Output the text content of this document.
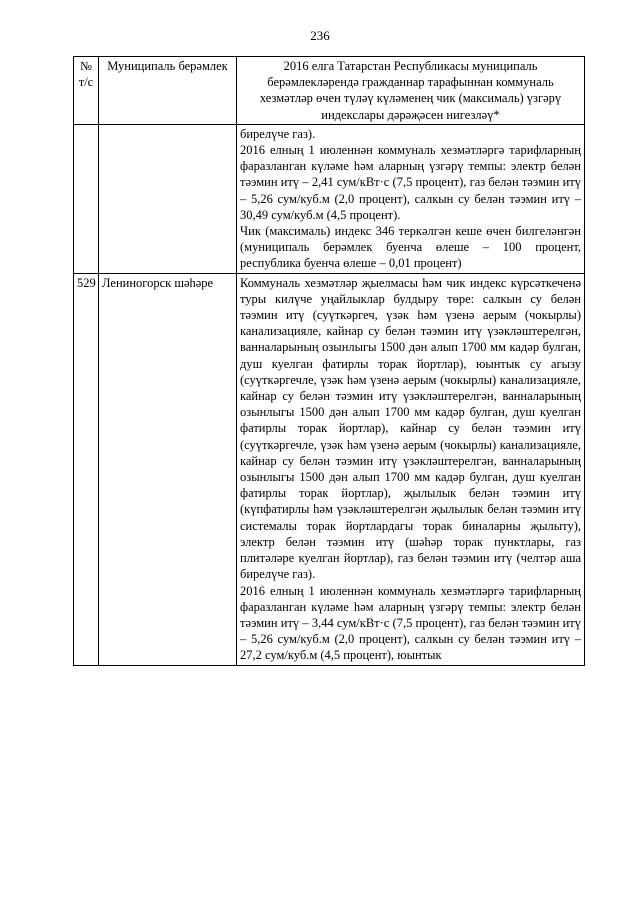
236
№ т/с	Муниципаль берәмлек	2016 елга Татарстан Республикасы муниципаль берәмлекләрендә гражданнар тарафыннан коммуналь хезмәтләр өчен түләү күләменең чик (максималь) үзгәрү индекслары дәрәҗәсен нигезләү*

		бирелүче газ).

2016 елның 1 июленнән коммуналь хезмәтләргә тарифларның фаразланган күләме һәм аларның үзгәрү темпы: электр белән тәэмин итү – 2,41 сум/кВт·с (7,5 процент), газ белән тәэмин итү – 5,26 сум/куб.м (2,0 процент), салкын су белән тәэмин итү – 30,49 сум/куб.м (4,5 процент).

Чик (максималь) индекс 346 теркәлгән кеше өчен билгеләнгән (муниципаль берәмлек буенча өлеше – 100 процент, республика буенча өлеше – 0,01 процент)

529	Лениногорск шәһәре	Коммуналь хезмәтләр җыелмасы һәм чик индекс күрсәткеченә туры килүче уңайлыклар булдыру төре: салкын су белән тәэмин итү (суүткәргеч, үзәк һәм үзенә аерым (чокырлы) канализацияле, кайнар су белән тәэмин итү үзәкләштерелгән, ванналарының озынлыгы 1500 дән алып 1700 мм кадәр булган, душ куелган фатирлы торак йортлар), юынтык су агызу (суүткәргечле, үзәк һәм үзенә аерым (чокырлы) канализацияле, кайнар су белән тәэмин итү үзәкләштерелгән, ванналарының озынлыгы 1500 дән алып 1700 мм кадәр булган, душ куелган фатирлы торак йортлар), кайнар су белән тәэмин итү (суүткәргечле, үзәк һәм үзенә аерым (чокырлы) канализацияле, кайнар су белән тәэмин итү үзәкләштерелгән, ванналарының озынлыгы 1500 дән алып 1700 мм кадәр булган, душ куелган фатирлы торак йортлар), җылылык белән тәэмин итү (күпфатирлы һәм үзәкләштерелгән җылылык белән тәэмин итү системалы торак йортлардагы торак биналарны җылыту), электр белән тәэмин итү (шәһәр торак пунктлары, газ плитәләре куелган йортлар), газ белән тәэмин итү (челтәр аша бирелүче газ).

2016 елның 1 июленнән коммуналь хезмәтләргә тарифларның фаразланган күләме һәм аларның үзгәрү темпы: электр белән тәэмин итү – 3,44 сум/кВт·с (7,5 процент), газ белән тәэмин итү – 5,26 сум/куб.м (2,0 процент), салкын су белән тәэмин итү – 27,2 сум/куб.м (4,5 процент), юынтык
